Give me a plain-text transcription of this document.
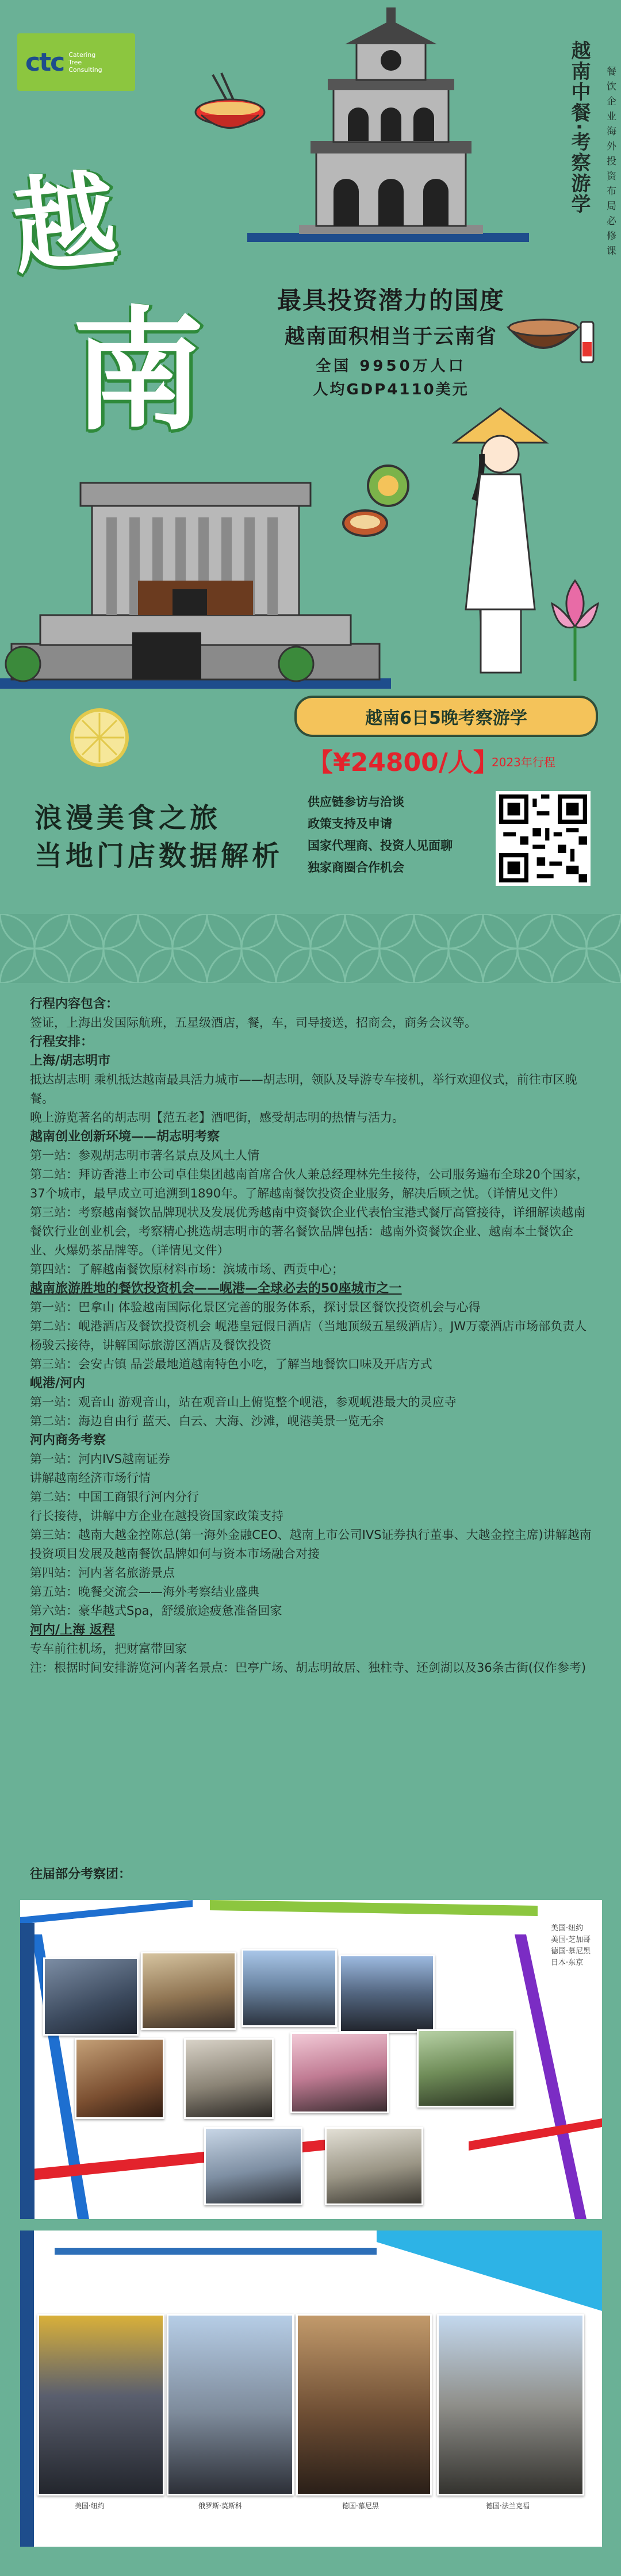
ctc Catering
Tree
Consulting	越南中餐·考察游学	餐饮企业海外投资布局必修课
越
南	最具投资潜力的国度
越南面积相当于云南省
全国 9950万人口
人均GDP4110美元
越南6日5晚考察游学
【¥24800/人】
2023年行程
浪漫美食之旅
当地门店数据解析
供应链参访与洽谈
政策支持及申请
国家代理商、投资人见面聊
独家商圈合作机会

行程内容包含：

签证，上海出发国际航班，五星级酒店，餐，车，司导接送，招商会，商务会议等。

行程安排：

上海/胡志明市

抵达胡志明 乘机抵达越南最具活力城市——胡志明，领队及导游专车接机，举行欢迎仪式，前往市区晚餐。

晚上游览著名的胡志明【范五老】酒吧街，感受胡志明的热情与活力。

越南创业创新环境——胡志明考察

第一站：参观胡志明市著名景点及风土人情

第二站：拜访香港上市公司卓佳集团越南首席合伙人兼总经理林先生接待，公司服务遍布全球20个国家，37个城市，最早成立可追溯到1890年。了解越南餐饮投资企业服务，解决后顾之忧。（详情见文件）

第三站：考察越南餐饮品牌现状及发展优秀越南中资餐饮企业代表怡宝港式餐厅高管接待，详细解读越南餐饮行业创业机会，考察精心挑选胡志明市的著名餐饮品牌包括：越南外资餐饮企业、越南本土餐饮企业、火爆奶茶品牌等。（详情见文件）

第四站：了解越南餐饮原材料市场：滨城市场、西贡中心；

越南旅游胜地的餐饮投资机会——岘港—全球必去的50座城市之一

第一站：巴拿山 体验越南国际化景区完善的服务体系，探讨景区餐饮投资机会与心得

第二站：岘港酒店及餐饮投资机会 岘港皇冠假日酒店（当地顶级五星级酒店）。JW万豪酒店市场部负责人杨骏云接待，讲解国际旅游区酒店及餐饮投资

第三站：会安古镇 品尝最地道越南特色小吃，了解当地餐饮口味及开店方式

岘港/河内

第一站：观音山 游观音山，站在观音山上俯览整个岘港，参观岘港最大的灵应寺

第二站：海边自由行 蓝天、白云、大海、沙滩，岘港美景一览无余

河内商务考察

第一站：河内IVS越南证券

讲解越南经济市场行情

第二站：中国工商银行河内分行

行长接待，讲解中方企业在越投资国家政策支持

第三站：越南大越金控陈总(第一海外金融CEO、越南上市公司IVS证券执行董事、大越金控主席)讲解越南投资项目发展及越南餐饮品牌如何与资本市场融合对接

第四站：河内著名旅游景点

第五站：晚餐交流会——海外考察结业盛典

第六站：豪华越式Spa，舒缓旅途疲惫准备回家

河内/上海 返程

专车前往机场，把财富带回家

注：根据时间安排游览河内著名景点：巴亭广场、胡志明故居、独柱寺、还剑湖以及36条古街(仅作参考)

往届部分考察团：
美国·纽约
美国·芝加哥
德国·慕尼黑
日本·东京
美国·纽约	俄罗斯·莫斯科	德国·慕尼黑	德国·法兰克福
